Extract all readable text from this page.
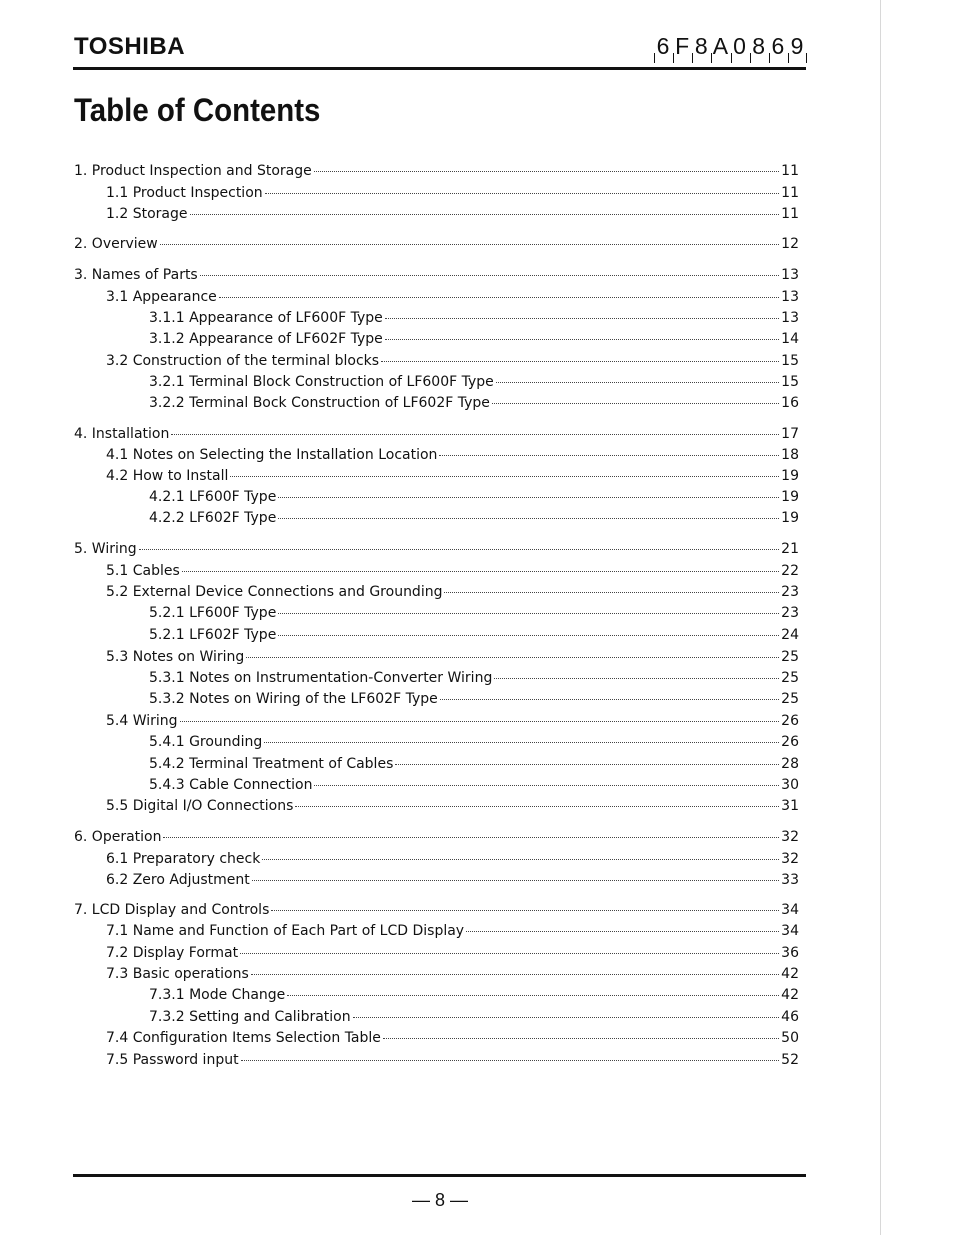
TOSHIBA	6 F 8 A 0 8 6 9
Table of Contents
1. Product Inspection and Storage	11
1.1 Product Inspection	11
1.2 Storage	11
2. Overview	12
3. Names of Parts	13
3.1 Appearance	13
3.1.1 Appearance of LF600F Type	13
3.1.2 Appearance of LF602F Type	14
3.2 Construction of the terminal blocks	15
3.2.1 Terminal Block Construction of LF600F Type	15
3.2.2 Terminal Bock Construction of LF602F Type	16
4. Installation	17
4.1 Notes on Selecting the Installation Location	18
4.2 How to Install	19
4.2.1 LF600F Type	19
4.2.2 LF602F Type	19
5. Wiring	21
5.1 Cables	22
5.2 External Device Connections and Grounding	23
5.2.1 LF600F Type	23
5.2.1 LF602F Type	24
5.3 Notes on Wiring	25
5.3.1 Notes on Instrumentation-Converter Wiring	25
5.3.2 Notes on Wiring of the LF602F Type	25
5.4 Wiring	26
5.4.1 Grounding	26
5.4.2 Terminal Treatment of Cables	28
5.4.3 Cable Connection	30
5.5 Digital I/O Connections	31
6. Operation	32
6.1 Preparatory check	32
6.2 Zero Adjustment	33
7. LCD Display and Controls	34
7.1 Name and Function of Each Part of LCD Display	34
7.2 Display Format	36
7.3 Basic operations	42
7.3.1 Mode Change	42
7.3.2 Setting and Calibration	46
7.4 Configuration Items Selection Table	50
7.5 Password input	52
— 8 —
